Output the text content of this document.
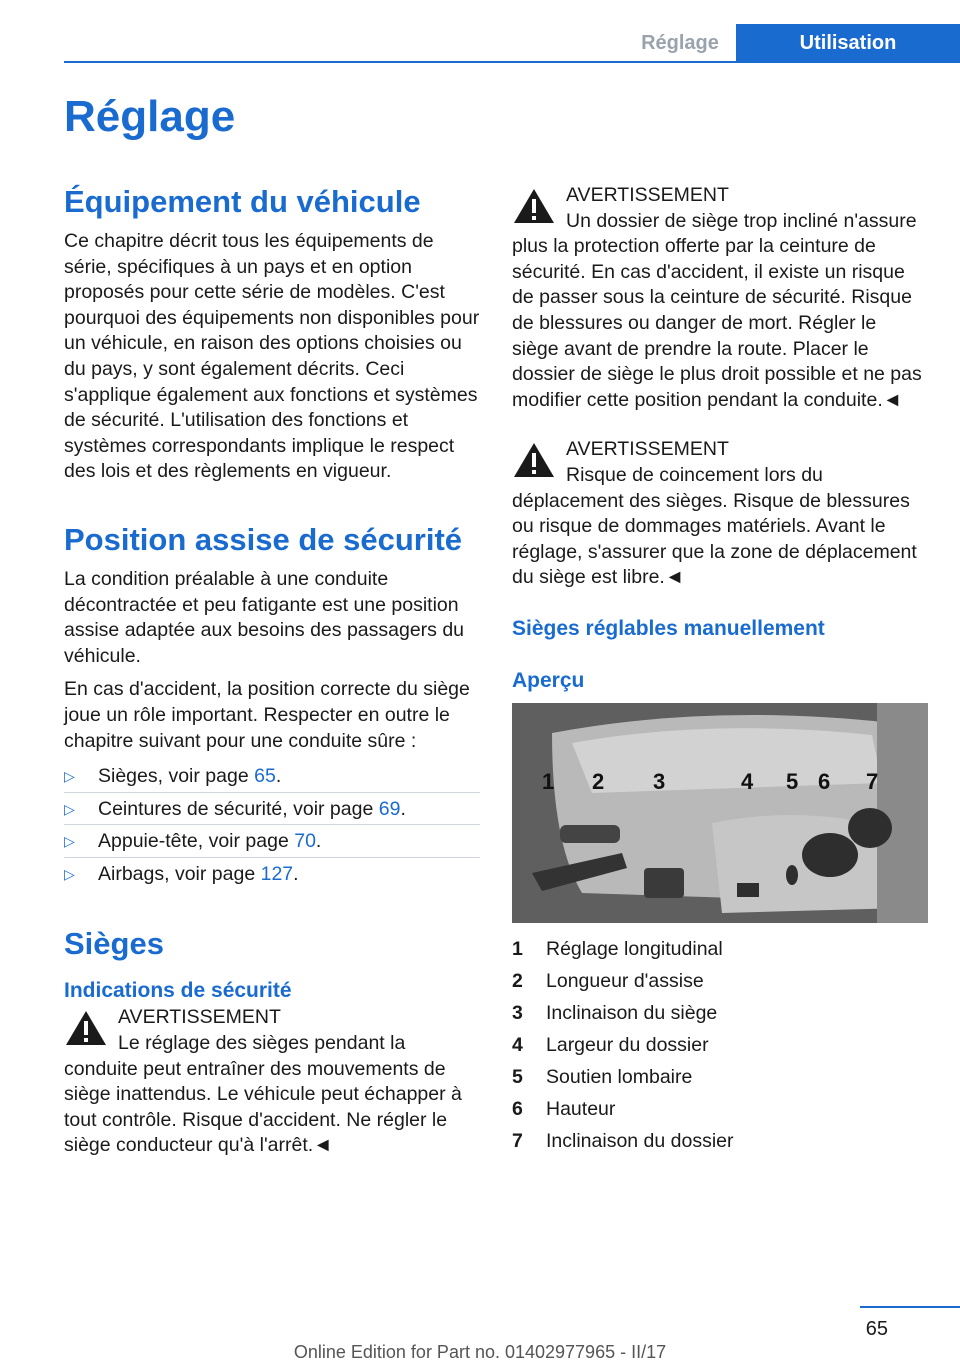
Réglage	Utilisation
Réglage
Équipement du véhicule

Ce chapitre décrit tous les équipements de série, spécifiques à un pays et en option proposés pour cette série de modèles. C'est pourquoi des équipements non disponibles pour un véhicule, en raison des options choisies ou du pays, y sont également décrits. Ceci s'applique également aux fonctions et systèmes de sécurité. L'utilisation des fonctions et systèmes correspondants implique le respect des lois et des règlements en vigueur.

Position assise de sécurité

La condition préalable à une conduite décontractée et peu fatigante est une position assise adaptée aux besoins des passagers du véhicule.

En cas d'accident, la position correcte du siège joue un rôle important. Respecter en outre le chapitre suivant pour une conduite sûre :

▷ Sièges, voir page 65.
▷ Ceintures de sécurité, voir page 69.
▷ Appuie-tête, voir page 70.
▷ Airbags, voir page 127.
Sièges
Indications de sécurité
AVERTISSEMENT

Le réglage des sièges pendant la conduite peut entraîner des mouvements de siège inattendus. Le véhicule peut échapper à tout contrôle. Risque d'accident. Ne régler le siège conducteur qu'à l'arrêt.◄

AVERTISSEMENT

Un dossier de siège trop incliné n'assure plus la protection offerte par la ceinture de sécurité. En cas d'accident, il existe un risque de passer sous la ceinture de sécurité. Risque de blessures ou danger de mort. Régler le siège avant de prendre la route. Placer le dossier de siège le plus droit possible et ne pas modifier cette position pendant la conduite.◄

AVERTISSEMENT

Risque de coincement lors du déplacement des sièges. Risque de blessures ou risque de dommages matériels. Avant le réglage, s'assurer que la zone de déplacement du siège est libre.◄

Sièges réglables manuellement
Aperçu
1 2 3	4 5 6 7
1	Réglage longitudinal
2	Longueur d'assise
3	Inclinaison du siège
4	Largeur du dossier
5	Soutien lombaire
6	Hauteur
7	Inclinaison du dossier
65
Online Edition for Part no. 01402977965 - II/17
